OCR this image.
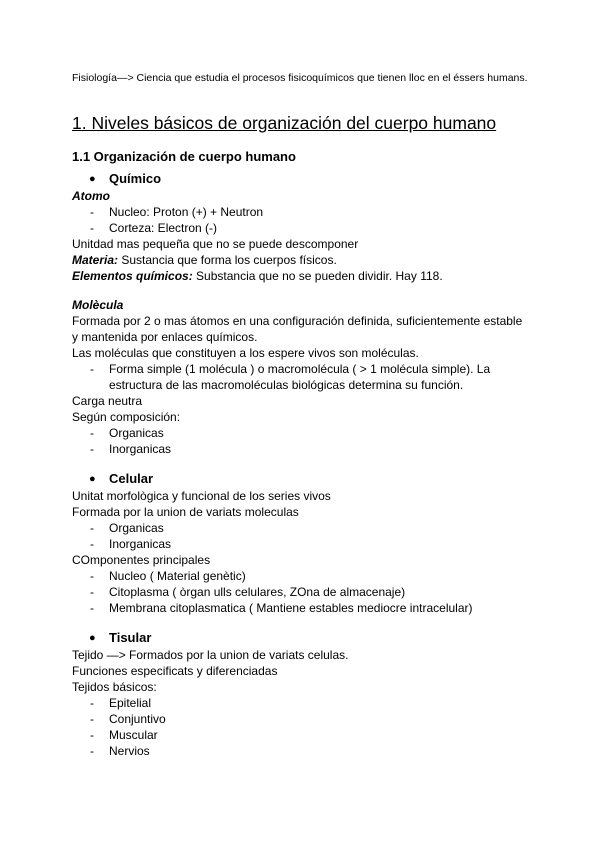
Fisiología—> Ciencia que estudia el procesos fisicoquímicos que tienen lloc en el éssers humans.

1. Niveles básicos de organización del cuerpo humano

1.1 Organización de cuerpo humano

● Químico

Atomo

- Nucleo: Proton (+) + Neutron

- Corteza: Electron (-)

Unitdad mas pequeña que no se puede descomponer

Materia: Sustancia que forma los cuerpos físicos.

Elementos químicos: Substancia que no se pueden dividir. Hay 118.

Molècula

Formada por 2 o mas átomos en una configuración definida, suficientemente estable

y mantenida por enlaces químicos.

Las moléculas que constituyen a los espere vivos son moléculas.

- Forma simple (1 molécula ) o macromolécula ( > 1 molécula simple). La

estructura de las macromoléculas biológicas determina su función.

Carga neutra

Según composición:

- Organicas

- Inorganicas

● Celular

Unitat morfològica y funcional de los series vivos

Formada por la union de variats moleculas

- Organicas

- Inorganicas

COmponentes principales

- Nucleo ( Material genètic)

- Citoplasma ( òrgan ulls celulares, ZOna de almacenaje)

- Membrana citoplasmatica ( Mantiene estables mediocre intracelular)

● Tisular

Tejido —> Formados por la union de variats celulas.

Funciones especificats y diferenciadas

Tejidos básicos:

- Epitelial

- Conjuntivo

- Muscular

- Nervios
